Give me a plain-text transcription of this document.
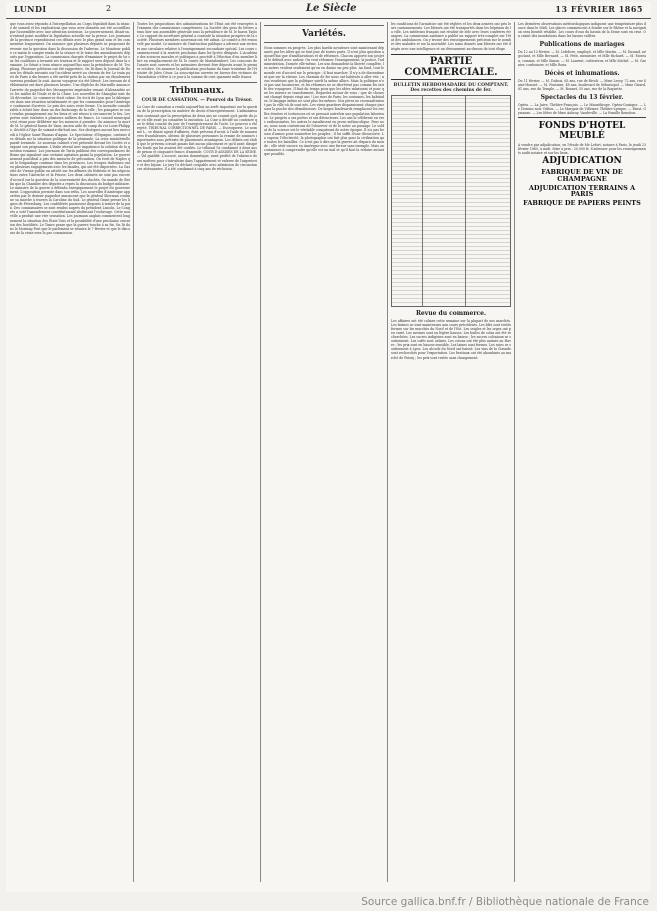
LUNDI	2	Le Siècle	13 FÉVRIER 1865
que vous aviez répondu à l'interpellation au Corps législatif dans la séance de samedi et les explications que vous avez données ont été accueillies par l'assemblée avec une attention soutenue. Le gouvernement, disait-on, n'entend point modifier la législation actuelle sur la presse. Les journaux de la province reproduisent ces débats avec le plus grand soin et les commentent longuement. On annonce que plusieurs députés se proposent de revenir sur la question dans la discussion de l'adresse. Le Moniteur publie ce matin le compte rendu de la séance et le texte des amendements déposés par l'opposition. La commission chargée d'examiner le projet de loi sur les coalitions a terminé ses travaux et le rapport sera déposé dans la semaine. Le Sénat a tenu séance aujourd'hui sous la présidence de M. Troplong. Plusieurs pétitions ont été rapportées. On lit dans le Journal de Rouen les détails suivants sur l'accident arrivé au chemin de fer. Le train parti de Paris à dix heures a été arrêté près de la station par un éboulement survenu pendant la nuit. Aucun voyageur n'a été blessé. Les travaux de déblaiement ont duré plusieurs heures. Une dépêche de Marseille annonce l'arrivée du paquebot des Messageries impériales venant d'Alexandrie avec les malles de l'Inde et de la Chine. Les nouvelles de Shanghaï sont du 28 décembre. Le commerce était calme. On écrit de Lyon que la fabrique est dans une situation satisfaisante et que les commandes pour l'Amérique continuent d'arriver. Le prix des soies reste ferme. Un incendie considérable a éclaté hier dans un des faubourgs de la ville ; les pompiers se sont rendus promptement sur les lieux et ont réussi à circonscrire le feu. Les pertes sont évaluées à plusieurs milliers de francs. Le conseil municipal s'est réuni pour délibérer sur les mesures à prendre. On annonce la mort de M. le général baron de Vaux, ancien aide de camp du roi Louis-Philippe, décédé à l'âge de soixante-dix-huit ans. Ses obsèques auront lieu mercredi à l'église Saint-Thomas-d'Aquin. Le Spectateur, d'Espagne, contient des détails sur la situation politique de la péninsule. La crise ministérielle paraît terminée. Le nouveau cabinet s'est présenté devant les Cortès et a exposé son programme. L'Italie attend avec impatience la solution de la question romaine. Les journaux de Turin publient des correspondances de Rome qui signalent une certaine agitation parmi la population. Le gouvernement pontifical a pris des mesures de précaution. On écrit de Naples que le brigandage continue dans les provinces. Les troupes italiennes ont eu plusieurs engagements avec les bandes, qui ont été dispersées. La Gazette de Vienne publie un article sur les affaires du Holstein et les négociations entre l'Autriche et la Prusse. Les deux cabinets ne sont pas encore d'accord sur la question de la souveraineté des duchés. On mande de Berlin que la Chambre des députés a repris la discussion du budget militaire. Le ministre de la guerre a défendu énergiquement le projet du gouvernement. L'opposition persiste dans son refus. Les nouvelles d'Amérique apportées par le dernier paquebot annoncent que le général Sherman continue sa marche à travers la Caroline du Sud. Le général Grant presse les lignes de Petersburg. Les confédérés paraissent disposés à traiter de la paix. Des commissaires se sont rendus auprès du président Lincoln. Le Congrès a voté l'amendement constitutionnel abolissant l'esclavage. Cette nouvelle a produit une vive sensation. Les journaux anglais commentent longuement la situation des États-Unis et la possibilité d'une prochaine cessation des hostilités. Le Times pense que la guerre touche à sa fin. On lit dans le Morning Post que le parlement se réunira le 7 février et que le discours de la reine sera lu par commission.
Toutes les propositions des administrations de l'État ont été renvoyées à l'examen des commissions compétentes. La Société des gens de lettres a tenu hier son assemblée générale sous la présidence de M. le baron Taylor. Le rapport du secrétaire général a constaté la situation prospère de la société. Plusieurs membres nouveaux ont été admis. Le comité a été renouvelé par moitié. Le ministre de l'instruction publique a adressé aux recteurs une circulaire relative à l'enseignement secondaire spécial. Les cours commenceront à la rentrée prochaine dans les lycées désignés. L'Académie des sciences morales et politiques a procédé à l'élection d'un membre libre en remplacement de M. le comte de Montalembert. Les concours de l'année sont ouverts et les mémoires devront être déposés avant le premier octobre. On annonce la publication prochaine du tome troisième de l'Histoire de Jules César. La souscription ouverte en faveur des victimes de l'inondation s'élève à ce jour à la somme de cent quarante mille francs.
Tribunaux.
COUR DE CASSATION. — Pourvoi du Trésor.
La Cour de cassation a rendu aujourd'hui un arrêt important sur la question de la prescription en matière de droits d'enregistrement. L'administration soutenait que la prescription de deux ans ne courait qu'à partir du jour où elle avait pu connaître la mutation. La Cour a décidé au contraire que le délai courait du jour de l'enregistrement de l'acte. Le pourvoi a été rejeté. TRIBUNAL CORRECTIONNEL DE PARIS. — Escroquerie. Le nommé L., se disant agent d'affaires, était prévenu d'avoir, à l'aide de manœuvres frauduleuses, obtenu de plusieurs personnes la remise de sommes importantes sous prétexte de placements avantageux. Les débats ont établi que le prévenu n'avait jamais fait aucun placement et qu'il avait dissipé les fonds qui lui avaient été confiés. Le tribunal l'a condamné à deux ans de prison et cinquante francs d'amende. COUR D'ASSISES DE LA SEINE. — Vol qualifié. L'accusé, ancien domestique, avait profité de l'absence de ses maîtres pour s'introduire dans l'appartement et enlever de l'argenterie et des bijoux. Le jury l'a déclaré coupable avec admission de circonstances atténuantes. Il a été condamné à cinq ans de réclusion.
Variétés.
Nous sommes en progrès. Les plus hardis novateurs sont maintenant dépassés par les idées qui se font jour de toutes parts. Il n'est plus question aujourd'hui que d'améliorations et de réformes. Chacun apporte son projet et le défend avec ardeur. On veut réformer l'enseignement, la justice, l'administration, l'armée elle-même. Les uns demandent la liberté complète, les autres veulent seulement qu'on en donne un peu plus. Au fond, tout le monde est d'accord sur le principe : il faut marcher. Il n'y a de dissentiment que sur la vitesse. Les chemins de fer nous ont habitués à aller vite ; nous voudrions que la politique suivît la même allure. Mais la politique n'est pas une locomotive, et les réformes ne se décrètent pas comme les tarifs des voyageurs. Il faut du temps pour que les idées mûrissent et pour que les mœurs se transforment. Regardez autour de vous : que de choses ont changé depuis vingt ans ! Les rues de Paris, les costumes, les habitudes, le langage même ne sont plus les mêmes. Nos pères ne reconnaîtraient pas la ville où ils sont nés. Les vieux quartiers disparaissent chaque jour sous la pioche des démolisseurs. De larges boulevards remplacent les ruelles étroites et tortueuses où se pressait autrefois une population laborieuse. Le progrès a ses poètes et ses détracteurs. Les uns le célèbrent en vers enthousiastes, les autres le maudissent en prose mélancolique. Pour nous, nous nous contentons de l'observer et de le noter au passage. Le soldat de la science est le véritable conquérant de notre époque. Il n'a pas besoin d'armes pour soumettre les peuples ; il lui suffit d'une découverte. La vapeur, l'électricité, la photographie ont fait plus pour la civilisation que toutes les batailles. Ce n'est pas à dire que la guerre ait disparu du monde ; elle sévit encore en Amérique avec une fureur sans exemple. Mais on commence à comprendre qu'elle est un mal et qu'il faut la réduire autant que possible.
les conditions de l'armistice ont été réglées et les deux armées ont pris leurs cantonnements. Les blessés ont été transportés dans les hôpitaux de la ville. Les médecins français ont rivalisé de zèle avec leurs confrères étrangers. La commission sanitaire a publié un rapport très-complet sur l'état des ambulances. On y trouve des renseignements précieux sur le nombre des malades et sur la mortalité. Les soins donnés aux blessés ont été dirigés avec une intelligence et un dévouement au-dessus de tout éloge.
PARTIE COMMERCIALE.
BULLETIN HEBDOMADAIRE DU COMPTANT. Des recettes des chemins de fer.
Revue du commerce.
Les affaires ont été calmes cette semaine sur la plupart de nos marchés. Les farines se sont maintenues aux cours précédents. Les blés sont restés fermes sur les marchés du Nord et de l'Est. Les seigles et les orges ont peu varié. Les avoines sont en légère hausse. Les huiles de colza ont été recherchées. Les sucres indigènes sont en baisse ; les sucres coloniaux se soutiennent. Les cafés sont calmes. Les cotons ont été plus animés au Havre ; les prix sont en hausse sensible. Les laines sont fermes. Les soies se soutiennent à Lyon. Les alcools du Nord ont baissé. Les vins de la Gironde sont recherchés pour l'exportation. Les bestiaux ont été abondants au marché de Poissy ; les prix sont restés sans changement.
Les dernières observations météorologiques indiquent une température plus douce dans le Midi. Les glaces commencent à fondre sur le Rhône et la navigation sera bientôt rétablie. Les cours d'eau du bassin de la Seine sont en crue. On craint des inondations dans les basses vallées.
Publications de mariages
Du 12 au 13 février. — M. Lefebvre, employé, et Mlle Martin. — M. Durand, négociant, et Mlle Bernard. — M. Petit, menuisier, et Mlle Richard. — M. Moreau, commis, et Mlle Simon. — M. Laurent, cultivateur, et Mlle Michel. — M. Garnier, cordonnier, et Mlle Roux.
Décès et inhumations.
Du 11 février. — M. Dubois, 65 ans, rue de Rivoli. — Mme Leroy, 72 ans, rue Saint-Honoré. — M. Fontaine, 48 ans, boulevard de Sébastopol. — Mme Girard, 81 ans, rue du Temple. — M. Bonnet, 55 ans, rue de la Roquette.
Spectacles du 13 février.
Opéra. — La Juive. Théâtre-Français. — Le Misanthrope. Opéra-Comique. — Le Domino noir. Odéon. — Le Marquis de Villemer. Théâtre-Lyrique. — Faust. Gymnase. — Les Idées de Mme Aubray. Vaudeville. — La Famille Benoiton.
FONDS D'HOTEL MEUBLÉ
A vendre par adjudication, en l'étude de Me Lefort, notaire à Paris, le jeudi 23 février 1865, à midi. Mise à prix : 20,000 fr. S'adresser pour les renseignements audit notaire et sur les lieux.
ADJUDICATION
FABRIQUE DE VIN DE CHAMPAGNE
ADJUDICATION TERRAINS A PARIS
FABRIQUE DE PAPIERS PEINTS
Source gallica.bnf.fr / Bibliothèque nationale de France
